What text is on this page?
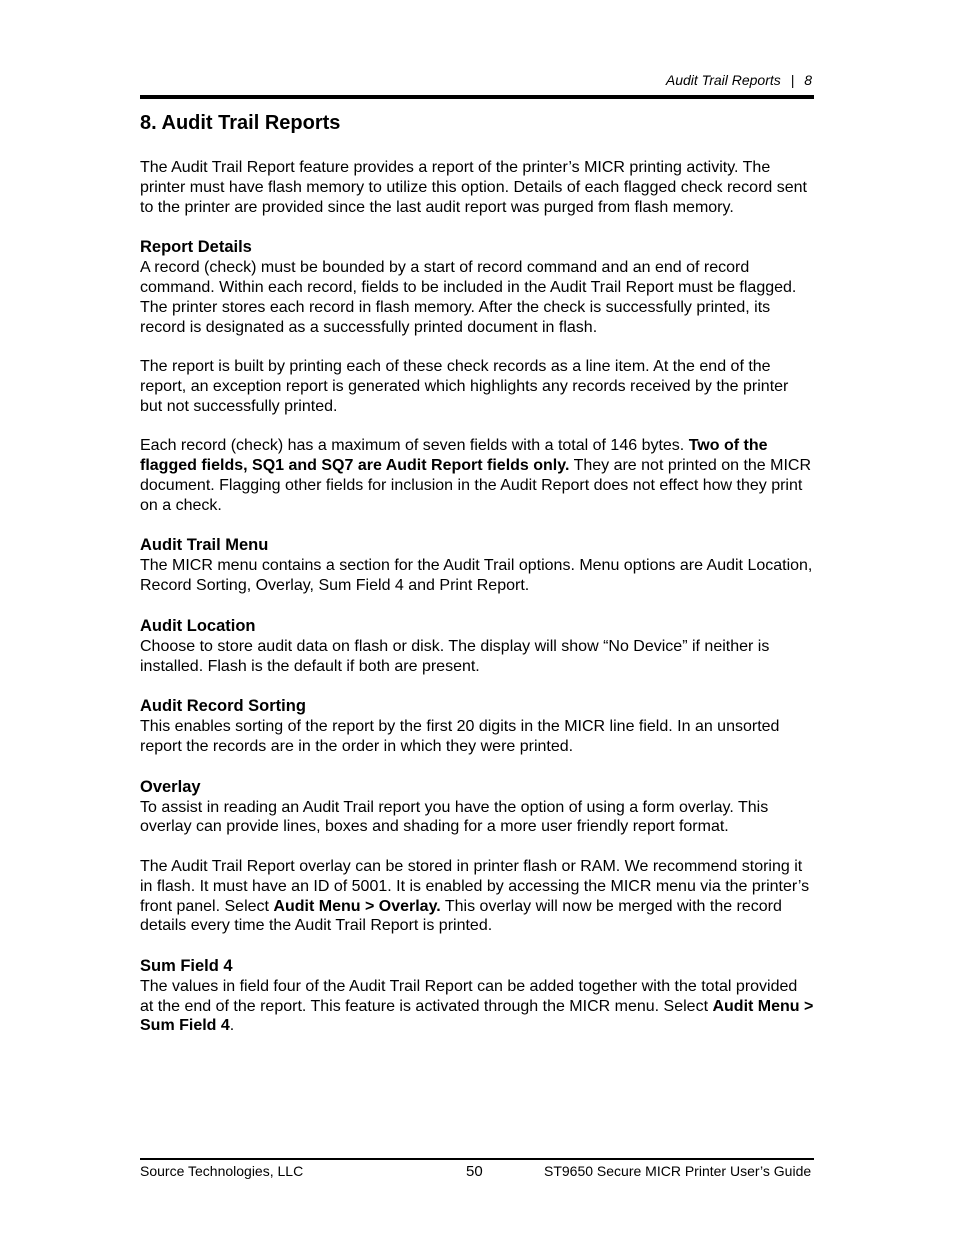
Audit Trail Reports | 8
8. Audit Trail Reports

The Audit Trail Report feature provides a report of the printer’s MICR printing activity. The printer must have flash memory to utilize this option. Details of each flagged check record sent to the printer are provided since the last audit report was purged from flash memory.

Report Details

A record (check) must be bounded by a start of record command and an end of record command. Within each record, fields to be included in the Audit Trail Report must be flagged. The printer stores each record in flash memory. After the check is successfully printed, its record is designated as a successfully printed document in flash.

The report is built by printing each of these check records as a line item. At the end of the report, an exception report is generated which highlights any records received by the printer but not successfully printed.

Each record (check) has a maximum of seven fields with a total of 146 bytes. Two of the flagged fields, SQ1 and SQ7 are Audit Report fields only. They are not printed on the MICR document. Flagging other fields for inclusion in the Audit Report does not effect how they print on a check.

Audit Trail Menu

The MICR menu contains a section for the Audit Trail options. Menu options are Audit Location, Record Sorting, Overlay, Sum Field 4 and Print Report.

Audit Location

Choose to store audit data on flash or disk. The display will show “No Device” if neither is installed. Flash is the default if both are present.

Audit Record Sorting

This enables sorting of the report by the first 20 digits in the MICR line field. In an unsorted report the records are in the order in which they were printed.

Overlay

To assist in reading an Audit Trail report you have the option of using a form overlay. This overlay can provide lines, boxes and shading for a more user friendly report format.

The Audit Trail Report overlay can be stored in printer flash or RAM. We recommend storing it in flash. It must have an ID of 5001. It is enabled by accessing the MICR menu via the printer’s front panel. Select Audit Menu > Overlay. This overlay will now be merged with the record details every time the Audit Trail Report is printed.

Sum Field 4

The values in field four of the Audit Trail Report can be added together with the total provided at the end of the report. This feature is activated through the MICR menu. Select Audit Menu > Sum Field 4.

Source Technologies, LLC	50	ST9650 Secure MICR Printer User’s Guide
